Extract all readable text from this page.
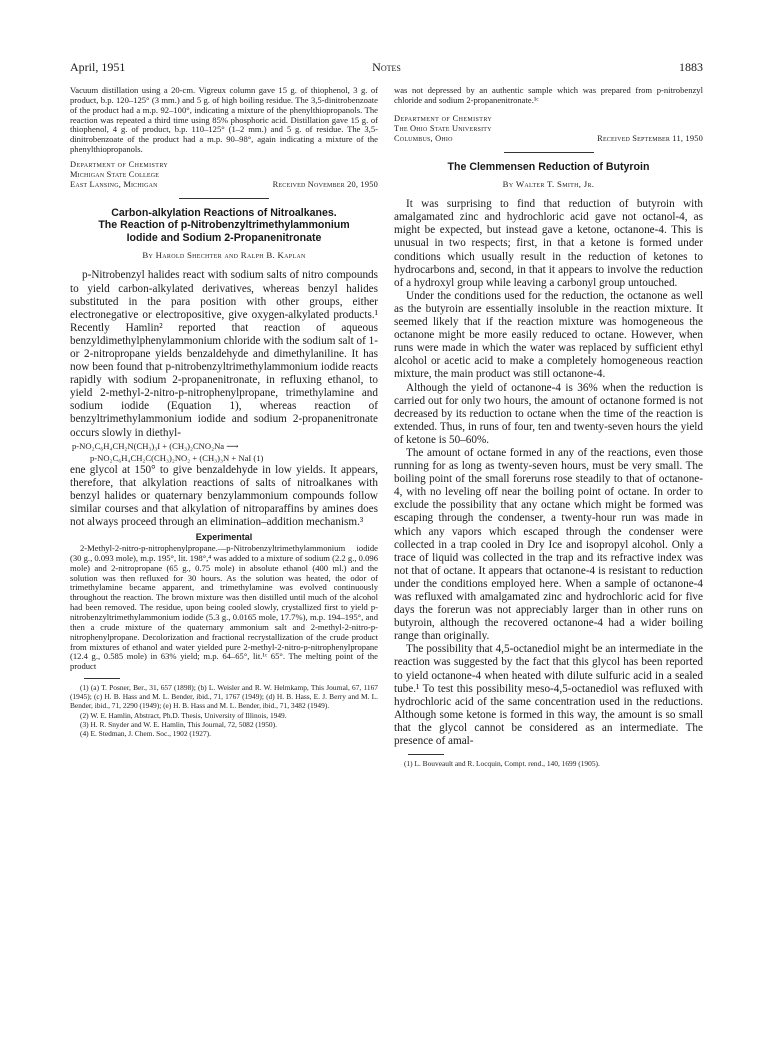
April, 1951	Notes	1883

Vacuum distillation using a 20-cm. Vigreux column gave 15 g. of thiophenol, 3 g. of product, b.p. 120–125° (3 mm.) and 5 g. of high boiling residue. The 3,5-dinitrobenzoate of the product had a m.p. 92–100°, indicating a mixture of the phenylthiopropanols. The reaction was repeated a third time using 85% phosphoric acid. Distillation gave 15 g. of thiophenol, 4 g. of product, b.p. 110–125° (1–2 mm.) and 5 g. of residue. The 3,5-dinitrobenzoate of the product had a m.p. 90–98°, again indicating a mixture of the phenylthiopropanols.

Department of Chemistry
Michigan State College
East Lansing, Michigan	Received November 20, 1950
Carbon-alkylation Reactions of Nitroalkanes.
The Reaction of p-Nitrobenzyltrimethylammonium
Iodide and Sodium 2-Propanenitronate
By Harold Shechter and Ralph B. Kaplan

p-Nitrobenzyl halides react with sodium salts of nitro compounds to yield carbon-alkylated derivatives, whereas benzyl halides substituted in the para position with other groups, either electronegative or electropositive, give oxygen-alkylated products.¹ Recently Hamlin² reported that reaction of aqueous benzyldimethylphenylammonium chloride with the sodium salt of 1- or 2-nitropropane yields benzaldehyde and dimethylaniline. It has now been found that p-nitrobenzyltrimethylammonium iodide reacts rapidly with sodium 2-propanenitronate, in refluxing ethanol, to yield 2-methyl-2-nitro-p-nitrophenylpropane, trimethylamine and sodium iodide (Equation 1), whereas reaction of benzyltrimethylammonium iodide and sodium 2-propanenitronate occurs slowly in diethyl-

p-NO₂C₆H₄CH₂N(CH₃)₃I + (CH₃)₂CNO₂Na ⟶
p-NO₂C₆H₄CH₂C(CH₃)₂NO₂ + (CH₃)₃N + NaI (1)

ene glycol at 150° to give benzaldehyde in low yields. It appears, therefore, that alkylation reactions of salts of nitroalkanes with benzyl halides or quaternary benzylammonium compounds follow similar courses and that alkylation of nitroparaffins by amines does not always proceed through an elimination–addition mechanism.³

Experimental

2-Methyl-2-nitro-p-nitrophenylpropane.—p-Nitrobenzyltrimethylammonium iodide (30 g., 0.093 mole), m.p. 195°, lit. 198°,⁴ was added to a mixture of sodium (2.2 g., 0.096 mole) and 2-nitropropane (65 g., 0.75 mole) in absolute ethanol (400 ml.) and the solution was then refluxed for 30 hours. As the solution was heated, the odor of trimethylamine became apparent, and trimethylamine was evolved continuously throughout the reaction. The brown mixture was then distilled until much of the alcohol had been removed. The residue, upon being cooled slowly, crystallized first to yield p-nitrobenzyltrimethylammonium iodide (5.3 g., 0.0165 mole, 17.7%), m.p. 194–195°, and then a crude mixture of the quaternary ammonium salt and 2-methyl-2-nitro-p-nitrophenylpropane. Decolorization and fractional recrystallization of the crude product from mixtures of ethanol and water yielded pure 2-methyl-2-nitro-p-nitrophenylpropane (12.4 g., 0.585 mole) in 63% yield; m.p. 64–65°, lit.¹ᶜ 65°. The melting point of the product

(1) (a) T. Posner, Ber., 31, 657 (1898); (b) L. Weisler and R. W. Helmkamp, This Journal, 67, 1167 (1945); (c) H. B. Hass and M. L. Bender, ibid., 71, 1767 (1949); (d) H. B. Hass, E. J. Berry and M. L. Bender, ibid., 71, 2290 (1949); (e) H. B. Hass and M. L. Bender, ibid., 71, 3482 (1949).

(2) W. E. Hamlin, Abstract, Ph.D. Thesis, University of Illinois, 1949.

(3) H. R. Snyder and W. E. Hamlin, This Journal, 72, 5082 (1950).

(4) E. Stedman, J. Chem. Soc., 1902 (1927).

was not depressed by an authentic sample which was prepared from p-nitrobenzyl chloride and sodium 2-propanenitronate.¹ᶜ

Department of Chemistry
The Ohio State University
Columbus, Ohio	Received September 11, 1950
The Clemmensen Reduction of Butyroin
By Walter T. Smith, Jr.

It was surprising to find that reduction of butyroin with amalgamated zinc and hydrochloric acid gave not octanol-4, as might be expected, but instead gave a ketone, octanone-4. This is unusual in two respects; first, in that a ketone is formed under conditions which usually result in the reduction of ketones to hydrocarbons and, second, in that it appears to involve the reduction of a hydroxyl group while leaving a carbonyl group untouched.

Under the conditions used for the reduction, the octanone as well as the butyroin are essentially insoluble in the reaction mixture. It seemed likely that if the reaction mixture was homogeneous the octanone might be more easily reduced to octane. However, when runs were made in which the water was replaced by sufficient ethyl alcohol or acetic acid to make a completely homogeneous reaction mixture, the main product was still octanone-4.

Although the yield of octanone-4 is 36% when the reduction is carried out for only two hours, the amount of octanone formed is not decreased by its reduction to octane when the time of the reaction is extended. Thus, in runs of four, ten and twenty-seven hours the yield of ketone is 50–60%.

The amount of octane formed in any of the reactions, even those running for as long as twenty-seven hours, must be very small. The boiling point of the small foreruns rose steadily to that of octanone-4, with no leveling off near the boiling point of octane. In order to exclude the possibility that any octane which might be formed was escaping through the condenser, a twenty-hour run was made in which any vapors which escaped through the condenser were collected in a trap cooled in Dry Ice and isopropyl alcohol. Only a trace of liquid was collected in the trap and its refractive index was not that of octane. It appears that octanone-4 is resistant to reduction under the conditions employed here. When a sample of octanone-4 was refluxed with amalgamated zinc and hydrochloric acid for five days the forerun was not appreciably larger than in other runs on butyroin, although the recovered octanone-4 had a wider boiling range than originally.

The possibility that 4,5-octanediol might be an intermediate in the reaction was suggested by the fact that this glycol has been reported to yield octanone-4 when heated with dilute sulfuric acid in a sealed tube.¹ To test this possibility meso-4,5-octanediol was refluxed with hydrochloric acid of the same concentration used in the reductions. Although some ketone is formed in this way, the amount is so small that the glycol cannot be considered as an intermediate. The presence of amal-

(1) L. Bouveault and R. Locquin, Compt. rend., 140, 1699 (1905).
